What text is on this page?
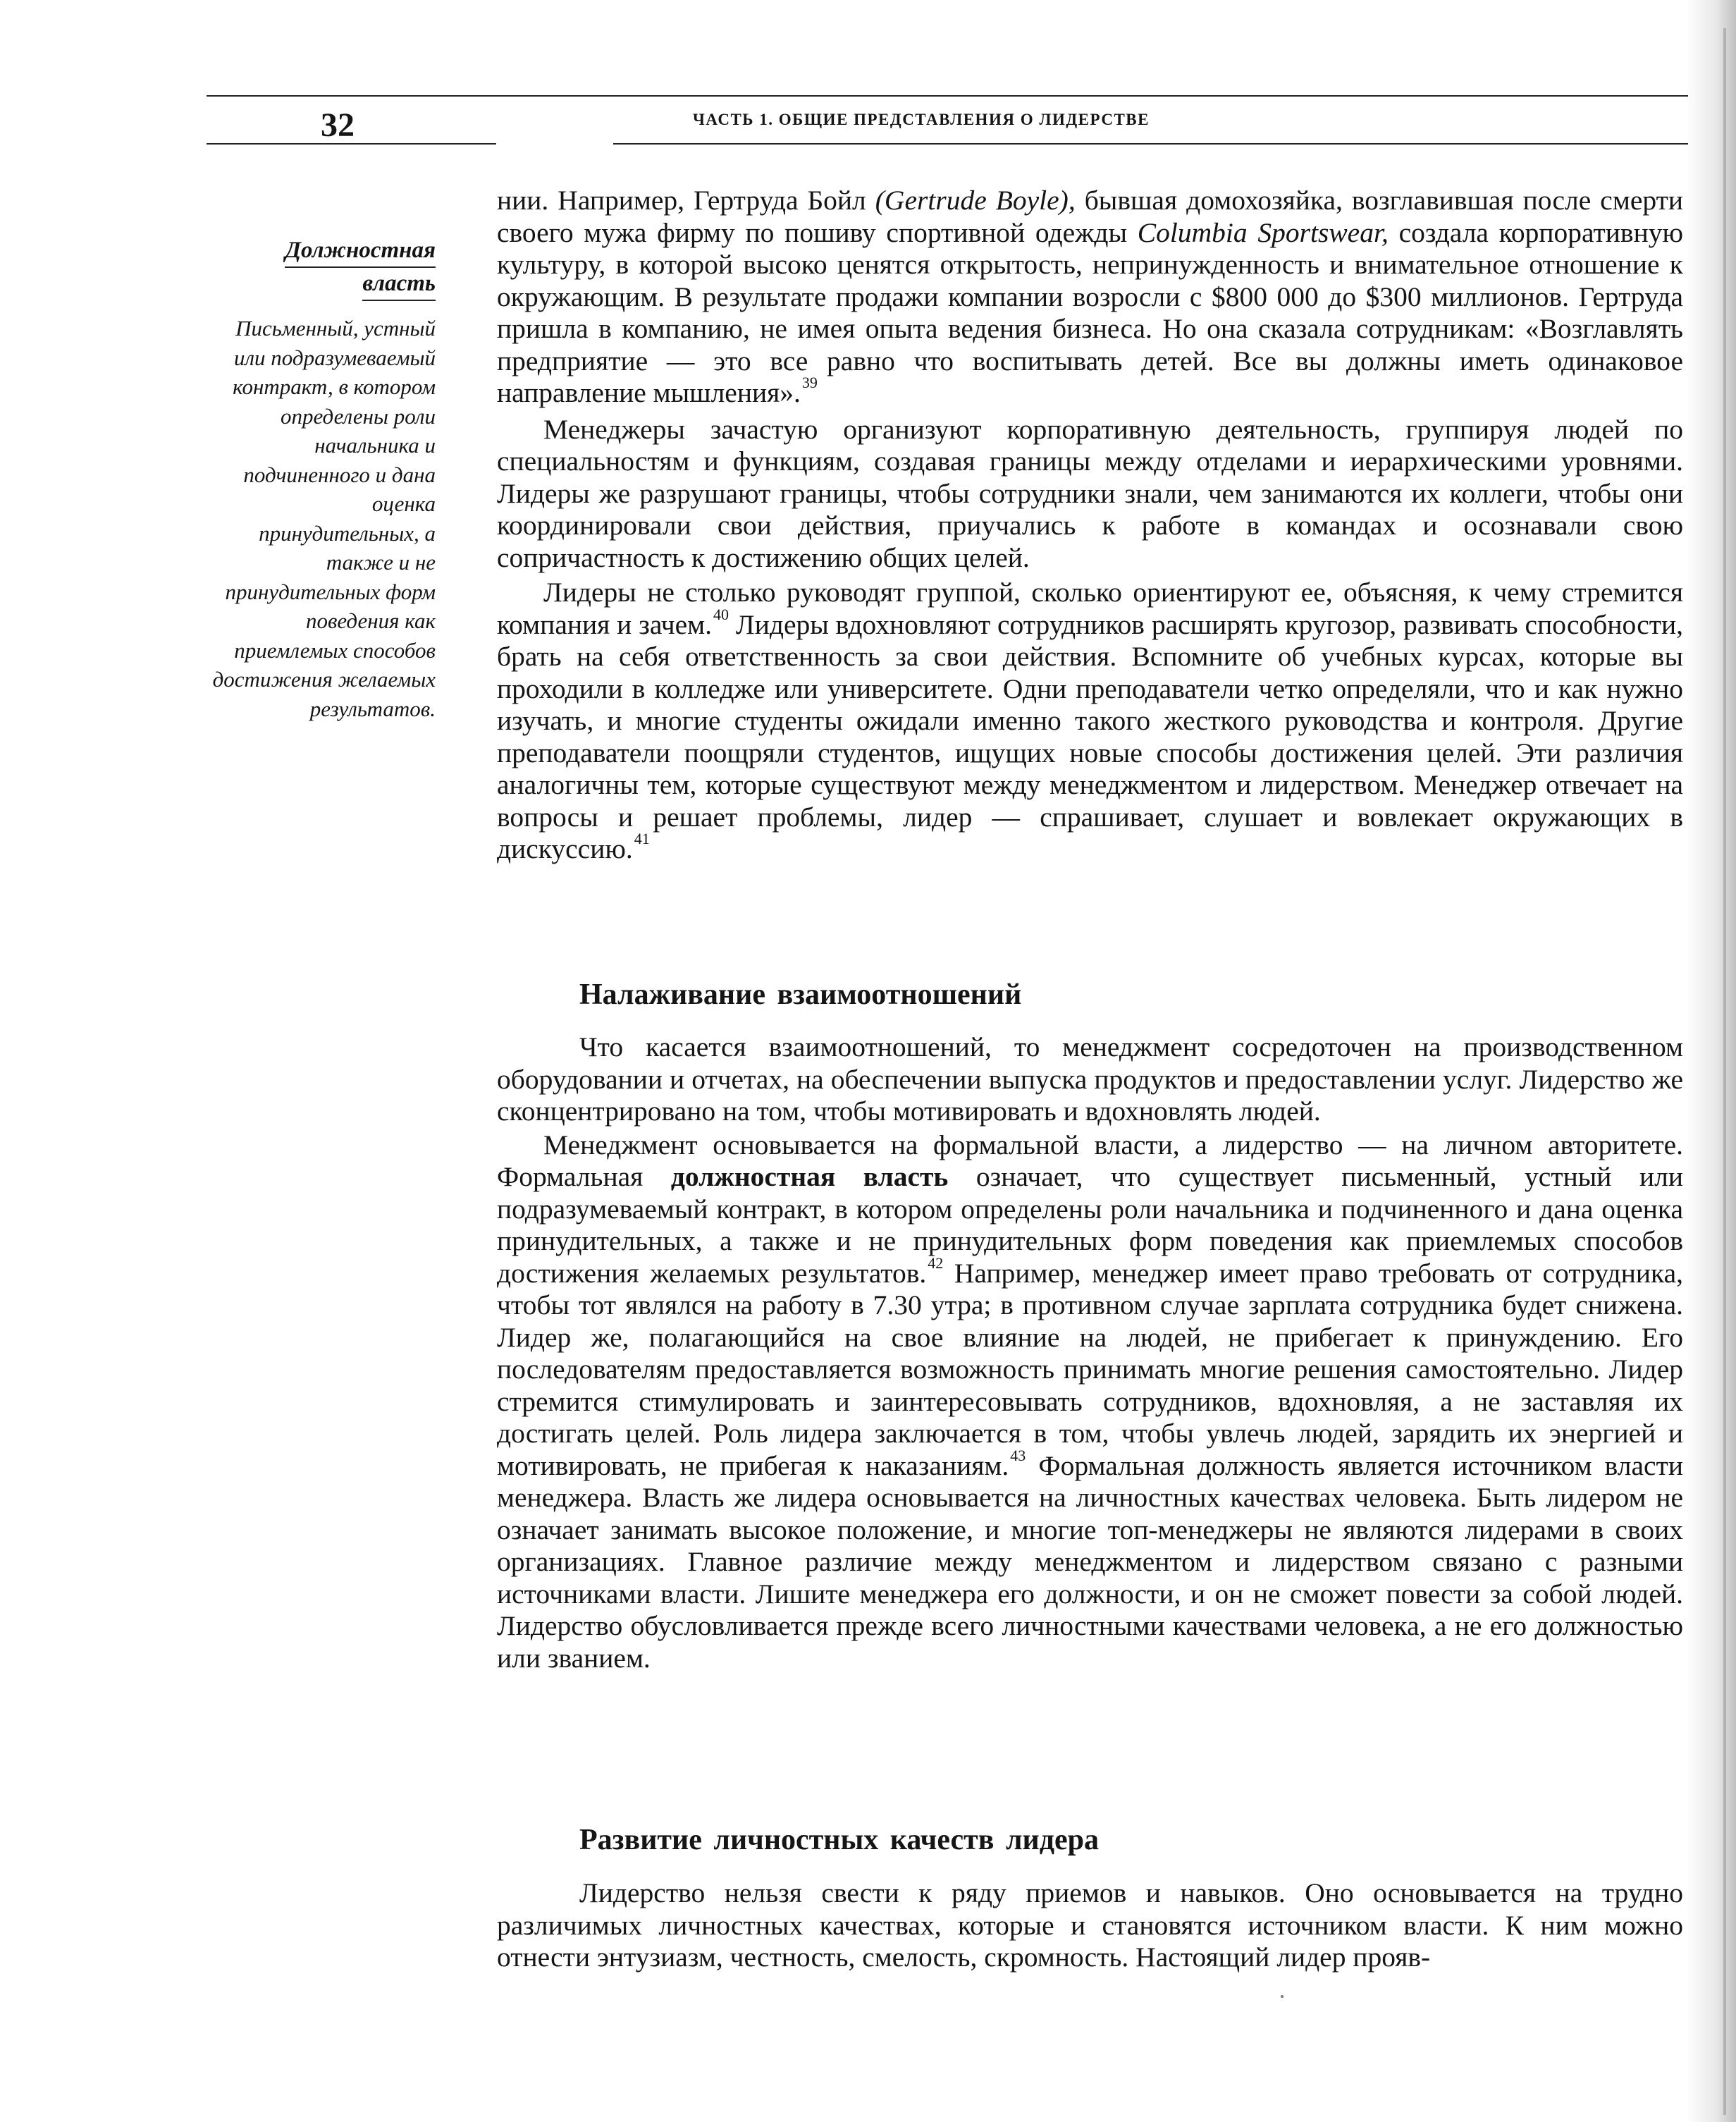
32	ЧАСТЬ 1. ОБЩИЕ ПРЕДСТАВЛЕНИЯ О ЛИДЕРСТВЕ
Должностная
власть
Письменный, устный или подразумеваемый контракт, в котором определены роли начальника и подчиненного и дана оценка принудительных, а также и не принудительных форм поведения как приемлемых способов достижения желаемых результатов.

нии. Например, Гертруда Бойл (Gertrude Boyle), бывшая домохозяйка, возглавившая после смерти своего мужа фирму по пошиву спортивной одежды Columbia Sportswear, создала корпоративную культуру, в которой высоко ценятся открытость, непринужденность и внимательное отношение к окружающим. В результате продажи компании возросли с $800 000 до $300 миллионов. Гертруда пришла в компанию, не имея опыта ведения бизнеса. Но она сказала сотрудникам: «Возглавлять предприятие — это все равно что воспитывать детей. Все вы должны иметь одинаковое направление мышления».$^{39}$

Менеджеры зачастую организуют корпоративную деятельность, группируя людей по специальностям и функциям, создавая границы между отделами и иерархическими уровнями. Лидеры же разрушают границы, чтобы сотрудники знали, чем занимаются их коллеги, чтобы они координировали свои действия, приучались к работе в командах и осознавали свою сопричастность к достижению общих целей.

Лидеры не столько руководят группой, сколько ориентируют ее, объясняя, к чему стремится компания и зачем.$^{40}$ Лидеры вдохновляют сотрудников расширять кругозор, развивать способности, брать на себя ответственность за свои действия. Вспомните об учебных курсах, которые вы проходили в колледже или университете. Одни преподаватели четко определяли, что и как нужно изучать, и многие студенты ожидали именно такого жесткого руководства и контроля. Другие преподаватели поощряли студентов, ищущих новые способы достижения целей. Эти различия аналогичны тем, которые существуют между менеджментом и лидерством. Менеджер отвечает на вопросы и решает проблемы, лидер — спрашивает, слушает и вовлекает окружающих в дискуссию.$^{41}$

Налаживание взаимоотношений

Что касается взаимоотношений, то менеджмент сосредоточен на производственном оборудовании и отчетах, на обеспечении выпуска продуктов и предоставлении услуг. Лидерство же сконцентрировано на том, чтобы мотивировать и вдохновлять людей.

Менеджмент основывается на формальной власти, а лидерство — на личном авторитете. Формальная должностная власть означает, что существует письменный, устный или подразумеваемый контракт, в котором определены роли начальника и подчиненного и дана оценка принудительных, а также и не принудительных форм поведения как приемлемых способов достижения желаемых результатов.$^{42}$ Например, менеджер имеет право требовать от сотрудника, чтобы тот являлся на работу в 7.30 утра; в противном случае зарплата сотрудника будет снижена. Лидер же, полагающийся на свое влияние на людей, не прибегает к принуждению. Его последователям предоставляется возможность принимать многие решения самостоятельно. Лидер стремится стимулировать и заинтересовывать сотрудников, вдохновляя, а не заставляя их достигать целей. Роль лидера заключается в том, чтобы увлечь людей, зарядить их энергией и мотивировать, не прибегая к наказаниям.$^{43}$ Формальная должность является источником власти менеджера. Власть же лидера основывается на личностных качествах человека. Быть лидером не означает занимать высокое положение, и многие топ-менеджеры не являются лидерами в своих организациях. Главное различие между менеджментом и лидерством связано с разными источниками власти. Лишите менеджера его должности, и он не сможет повести за собой людей. Лидерство обусловливается прежде всего личностными качествами человека, а не его должностью или званием.

Развитие личностных качеств лидера

Лидерство нельзя свести к ряду приемов и навыков. Оно основывается на трудно различимых личностных качествах, которые и становятся источником власти. К ним можно отнести энтузиазм, честность, смелость, скромность. Настоящий лидер прояв-
